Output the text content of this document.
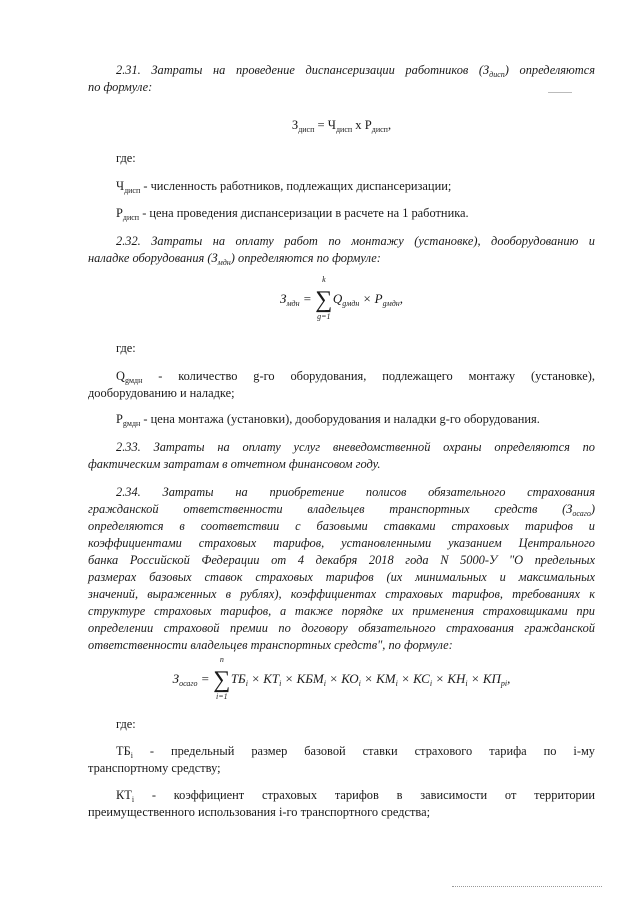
2.31. Затраты на проведение диспансеризации работников $(З_{дисп})$ определяются

по формуле:

$З_{дисп} = Ч_{дисп}$ х $Р_{дисп}$,

где:

$Ч_{дисп}$ - численность работников, подлежащих диспансеризации;

$Р_{дисп}$ - цена проведения диспансеризации в расчете на 1 работника.

2.32. Затраты на оплату работ по монтажу (установке), дооборудованию и

наладке оборудования $(З_{мдн})$ определяются по формуле:

$З_{мдн}$ = ∑
k
g=1
$Q_{gмдн} \times P_{gмдн}$,

где:

$Q_{gмдн}$ - количество g-го оборудования, подлежащего монтажу (установке),

дооборудованию и наладке;

$Р_{gмдн}$ - цена монтажа (установки), дооборудования и наладки g-го оборудования.

2.33. Затраты на оплату услуг вневедомственной охраны определяются по

фактическим затратам в отчетном финансовом году.

2.34. Затраты на приобретение полисов обязательного страхования

гражданской ответственности владельцев транспортных средств $(З_{осаго})$

определяются в соответствии с базовыми ставками страховых тарифов и

коэффициентами страховых тарифов, установленными указанием Центрального

банка Российской Федерации от 4 декабря 2018 года N 5000-У "О предельных

размерах базовых ставок страховых тарифов (их минимальных и максимальных

значений, выраженных в рублях), коэффициентах страховых тарифов, требованиях к

структуре страховых тарифов, а также порядке их применения страховщиками при

определении страховой премии по договору обязательного страхования гражданской

ответственности владельцев транспортных средств", по формуле:

$З_{осаго}$ = ∑
n
i=1
$ТБ_i \times КТ_i \times КБМ_i \times КО_i \times КМ_i \times КС_i \times КН_i \times КП_{pi}$,

где:

$ТБ_i$ - предельный размер базовой ставки страхового тарифа по i-му

транспортному средству;

$КТ_i$ - коэффициент страховых тарифов в зависимости от территории

преимущественного использования i-го транспортного средства;
